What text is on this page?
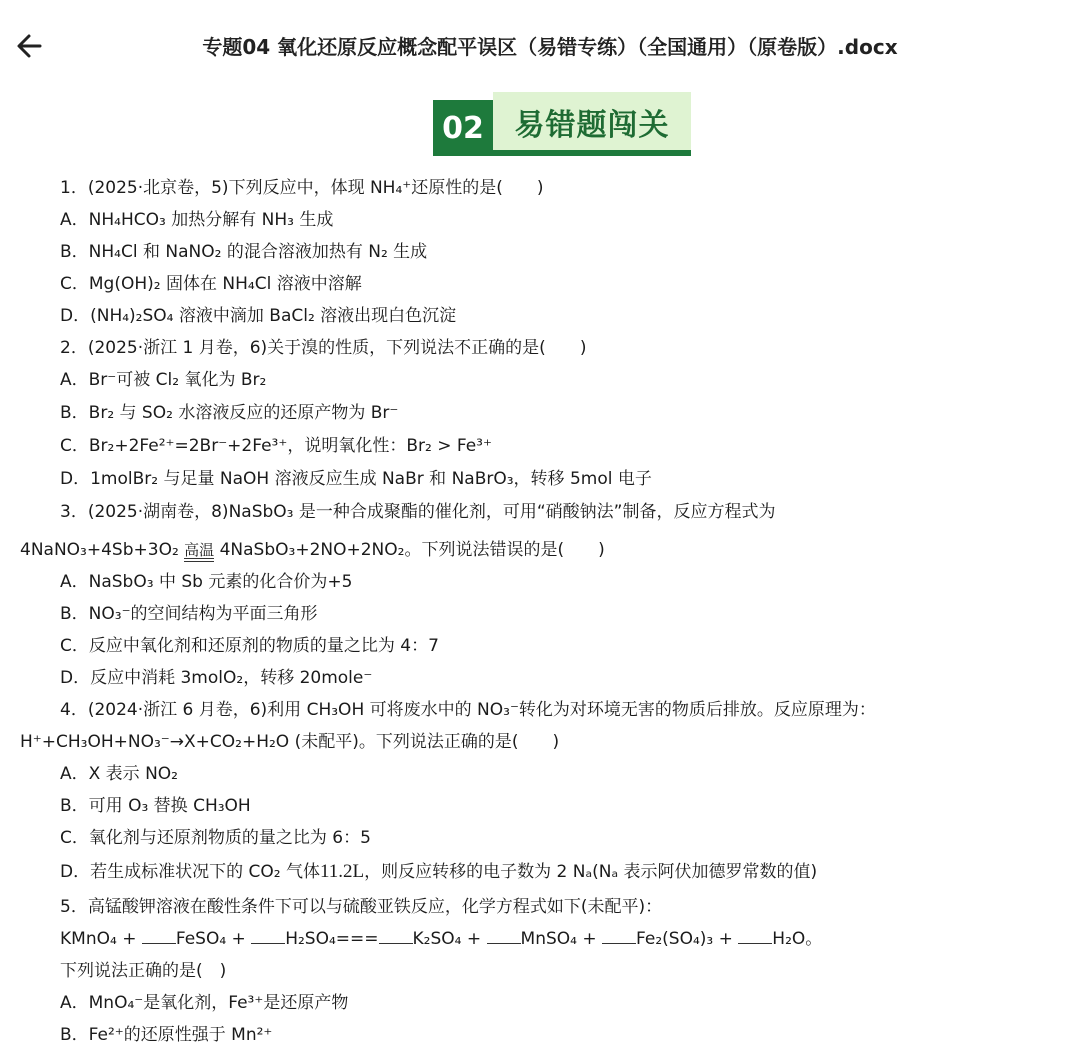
专题04 氧化还原反应概念配平误区（易错专练）（全国通用）（原卷版）.docx
02	易错题闯关
1．(2025·北京卷，5)下列反应中，体现 NH₄⁺还原性的是(　　)
A．NH₄HCO₃ 加热分解有 NH₃ 生成
B．NH₄Cl 和 NaNO₂ 的混合溶液加热有 N₂ 生成
C．Mg(OH)₂ 固体在 NH₄Cl 溶液中溶解
D．(NH₄)₂SO₄ 溶液中滴加 BaCl₂ 溶液出现白色沉淀
2．(2025·浙江 1 月卷，6)关于溴的性质，下列说法不正确的是(　　)
A．Br⁻可被 Cl₂ 氧化为 Br₂
B．Br₂ 与 SO₂ 水溶液反应的还原产物为 Br⁻
C．Br₂+2Fe²⁺=2Br⁻+2Fe³⁺，说明氧化性：Br₂ > Fe³⁺
D．1molBr₂ 与足量 NaOH 溶液反应生成 NaBr 和 NaBrO₃，转移 5mol 电子
3．(2025·湖南卷，8)NaSbO₃ 是一种合成聚酯的催化剂，可用“硝酸钠法”制备，反应方程式为
4NaNO₃+4Sb+3O₂ 高温
4NaSbO₃+2NO+2NO₂。下列说法错误的是(　　)
A．NaSbO₃ 中 Sb 元素的化合价为+5
B．NO₃⁻的空间结构为平面三角形
C．反应中氧化剂和还原剂的物质的量之比为 4：7
D．反应中消耗 3molO₂，转移 20mole⁻
4．(2024·浙江 6 月卷，6)利用 CH₃OH 可将废水中的 NO₃⁻转化为对环境无害的物质后排放。反应原理为：
H⁺+CH₃OH+NO₃⁻→X+CO₂+H₂O (未配平)。下列说法正确的是(　　)
A．X 表示 NO₂
B．可用 O₃ 替换 CH₃OH
C．氧化剂与还原剂物质的量之比为 6：5
D．若生成标准状况下的 CO₂ 气体11.2L，则反应转移的电子数为 2 Nₐ(Nₐ 表示阿伏加德罗常数的值)
5．高锰酸钾溶液在酸性条件下可以与硫酸亚铁反应，化学方程式如下(未配平)：
KMnO₄ + FeSO₄ + H₂SO₄=== K₂SO₄ + MnSO₄ + Fe₂(SO₄)₃ + H₂O。
下列说法正确的是(　)
A．MnO₄⁻是氧化剂，Fe³⁺是还原产物
B．Fe²⁺的还原性强于 Mn²⁺
